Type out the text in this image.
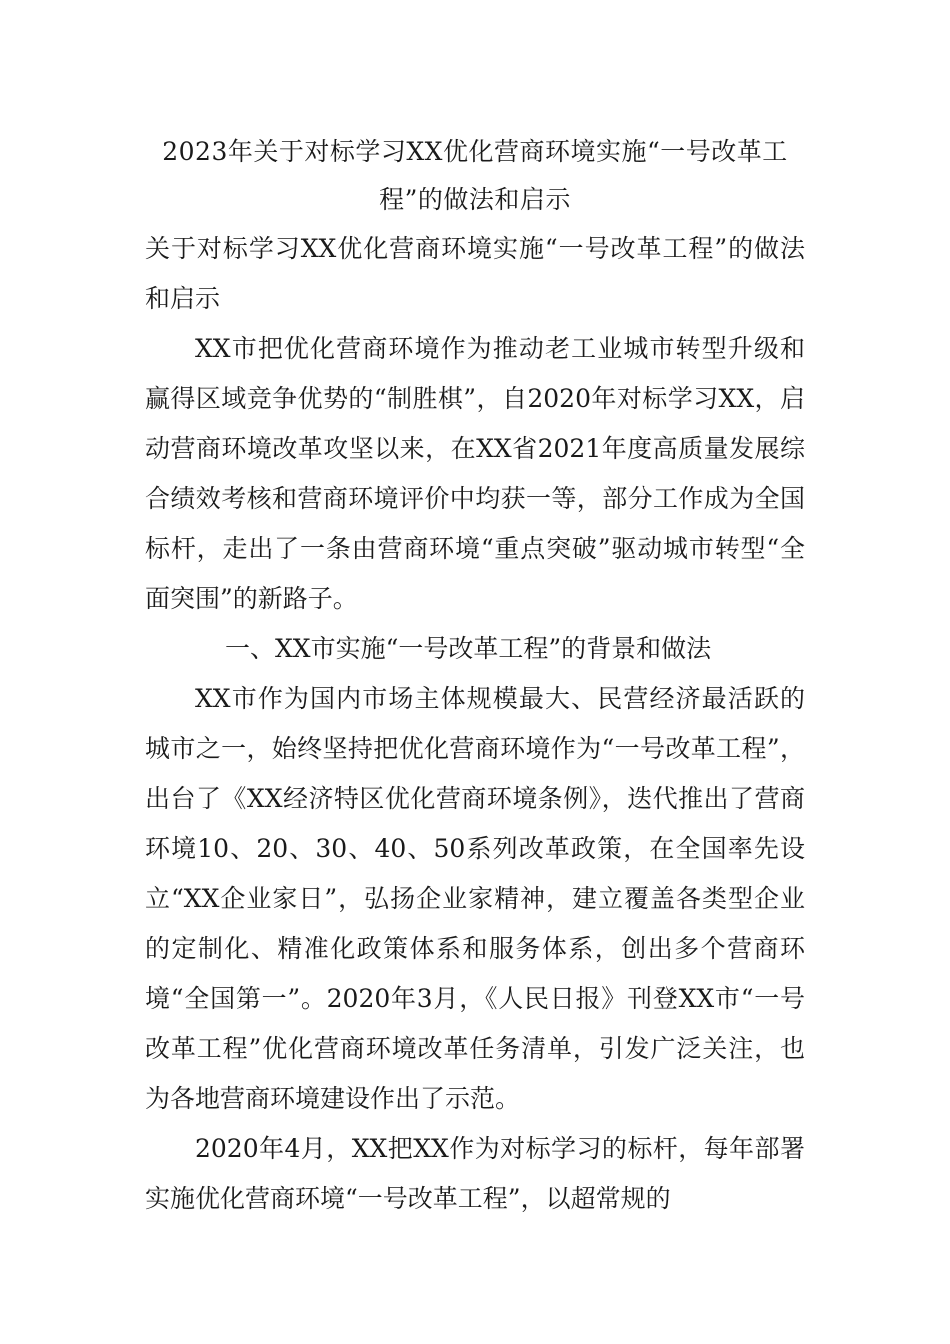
2023年关于对标学习XX优化营商环境实施“一号改革工程”的做法和启示

关于对标学习XX优化营商环境实施“一号改革工程”的做法和启示

XX市把优化营商环境作为推动老工业城市转型升级和赢得区域竞争优势的“制胜棋”，自2020年对标学习XX，启动营商环境改革攻坚以来，在XX省2021年度高质量发展综合绩效考核和营商环境评价中均获一等，部分工作成为全国标杆，走出了一条由营商环境“重点突破”驱动城市转型“全面突围”的新路子。

一、XX市实施“一号改革工程”的背景和做法

XX市作为国内市场主体规模最大、民营经济最活跃的城市之一，始终坚持把优化营商环境作为“一号改革工程”，出台了《XX经济特区优化营商环境条例》，迭代推出了营商环境10、20、30、40、50系列改革政策，在全国率先设立“XX企业家日”，弘扬企业家精神，建立覆盖各类型企业的定制化、精准化政策体系和服务体系，创出多个营商环境“全国第一”。2020年3月，《人民日报》刊登XX市“一号改革工程”优化营商环境改革任务清单，引发广泛关注，也为各地营商环境建设作出了示范。

2020年4月，XX把XX作为对标学习的标杆，每年部署实施优化营商环境“一号改革工程”，以超常规的
